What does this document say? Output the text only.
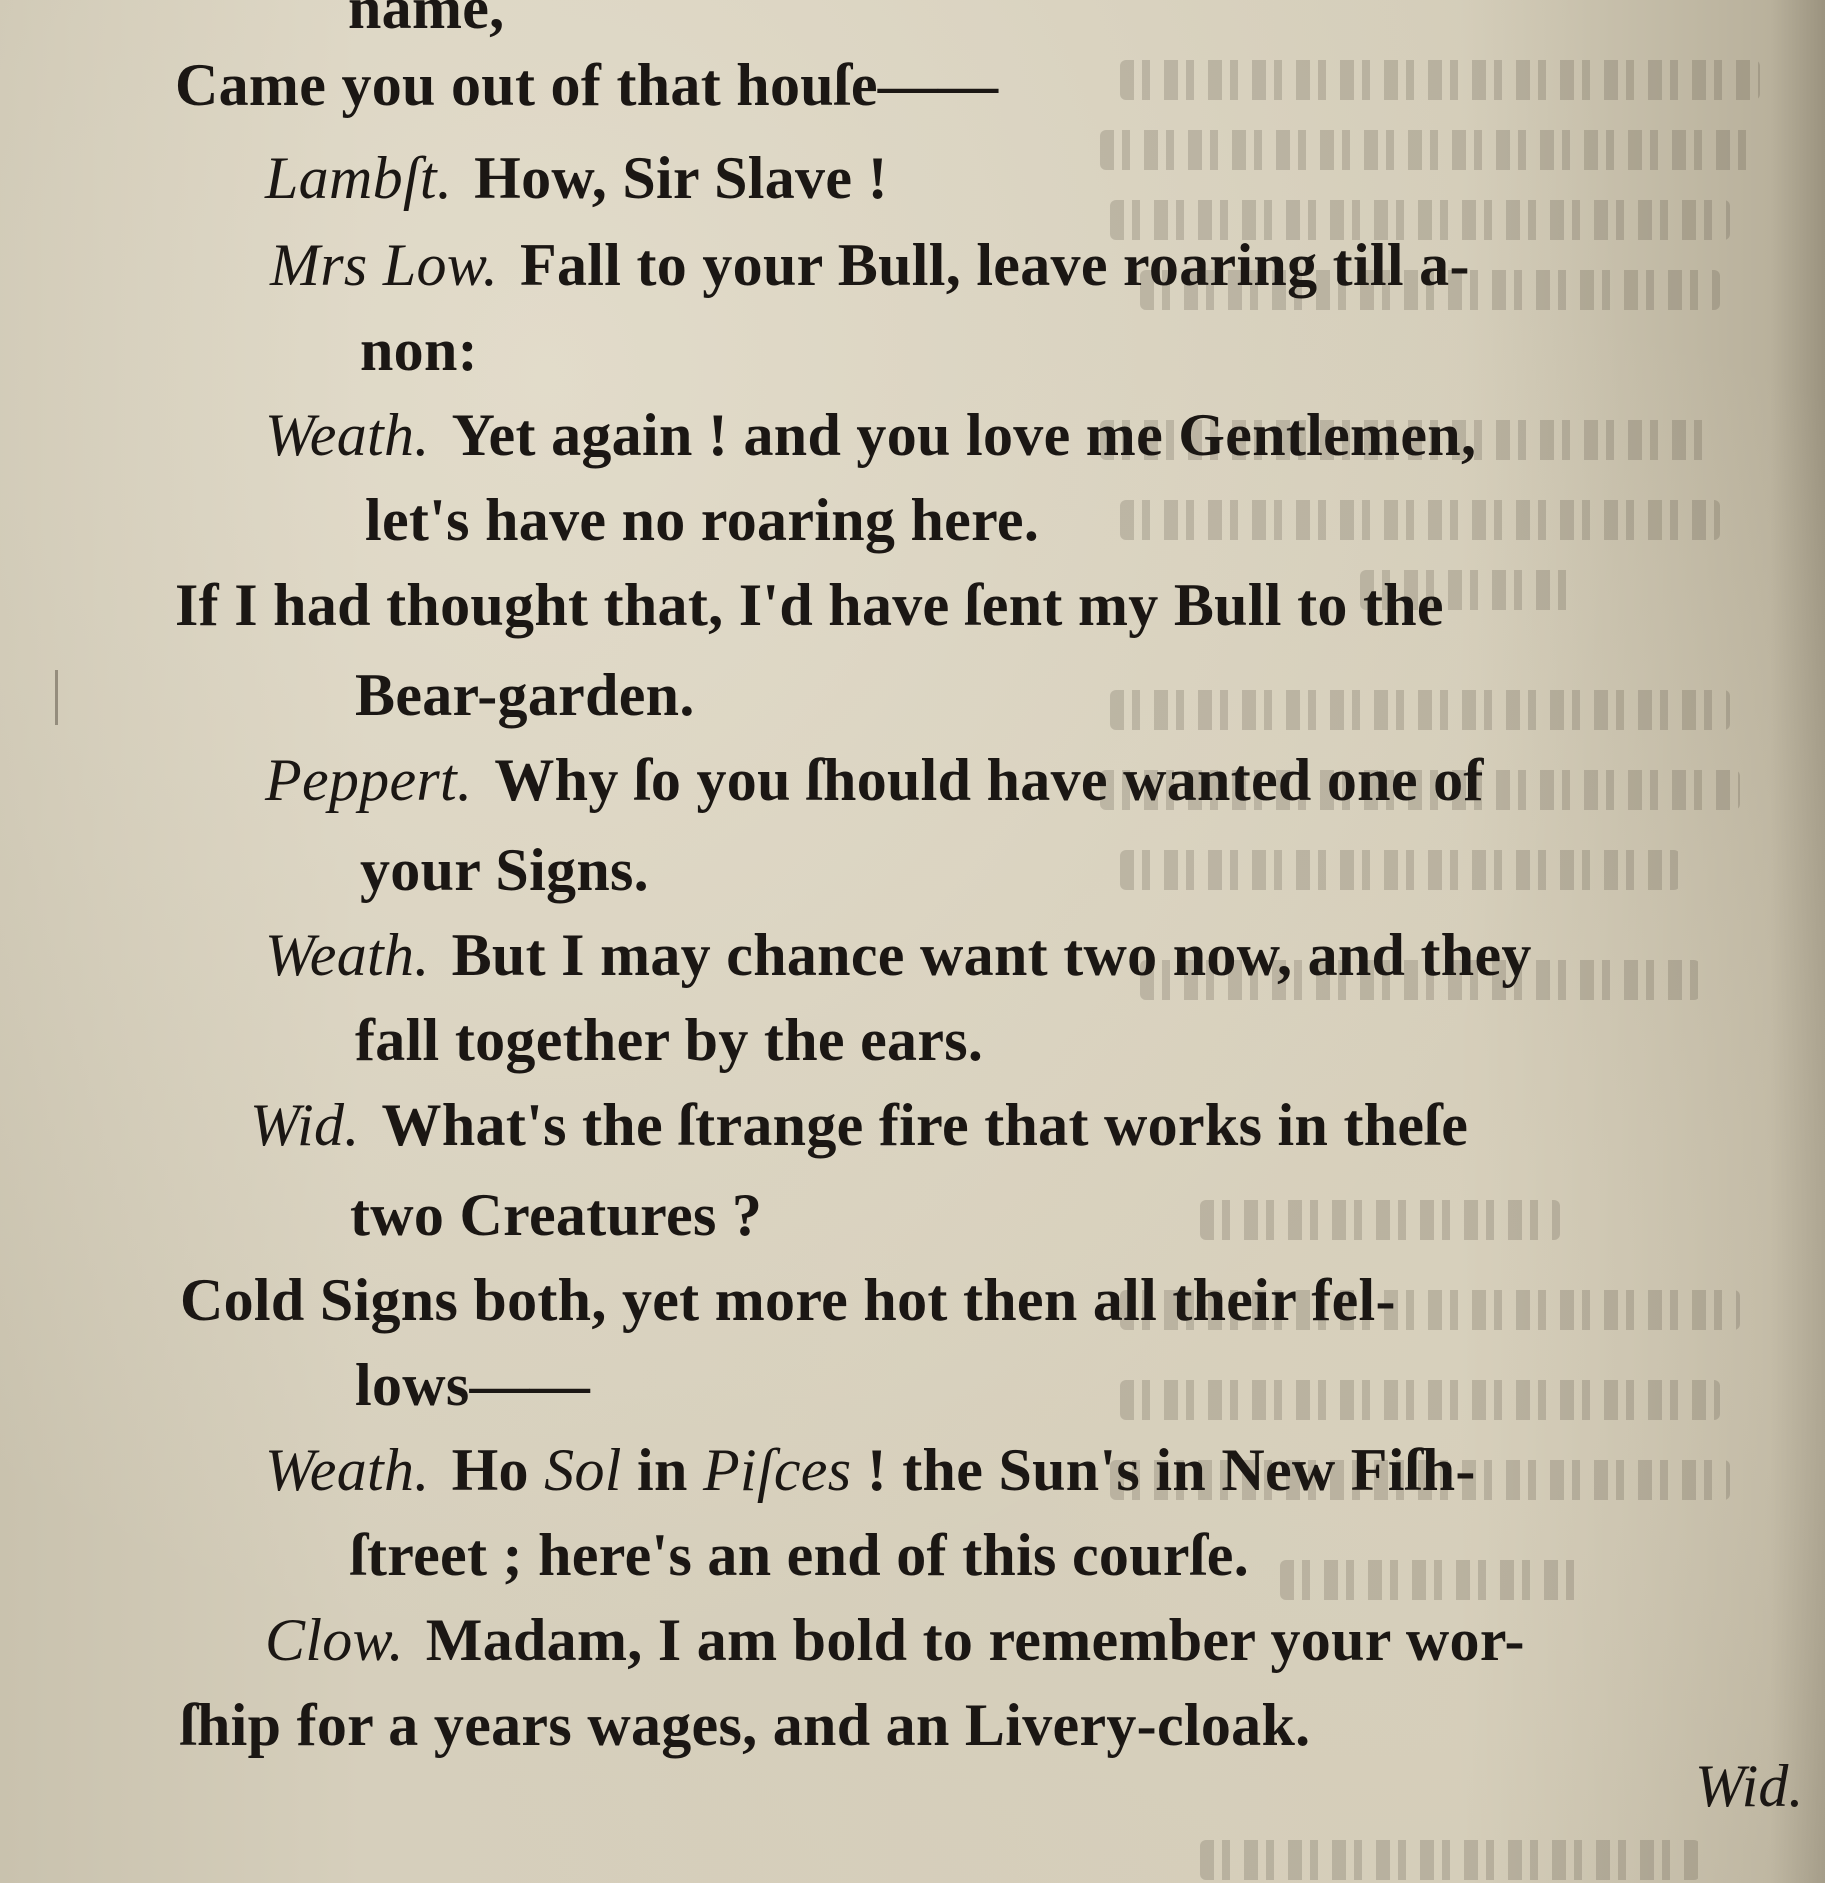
name,
Came you out of that houſe——
Lambſt. How, Sir Slave !
Mrs Low. Fall to your Bull, leave roaring till a-
non:
Weath. Yet again ! and you love me Gentlemen,
let's have no roaring here.
If I had thought that, I'd have ſent my Bull to the
Bear-garden.
Peppert. Why ſo you ſhould have wanted one of
your Signs.
Weath. But I may chance want two now, and they
fall together by the ears.
Wid. What's the ſtrange fire that works in theſe
two Creatures ?
Cold Signs both, yet more hot then all their fel-
lows——
Weath. Ho Sol in Piſces ! the Sun's in New Fiſh-
ſtreet ; here's an end of this courſe.
Clow. Madam, I am bold to remember your wor-
ſhip for a years wages, and an Livery-cloak.
Wid.
